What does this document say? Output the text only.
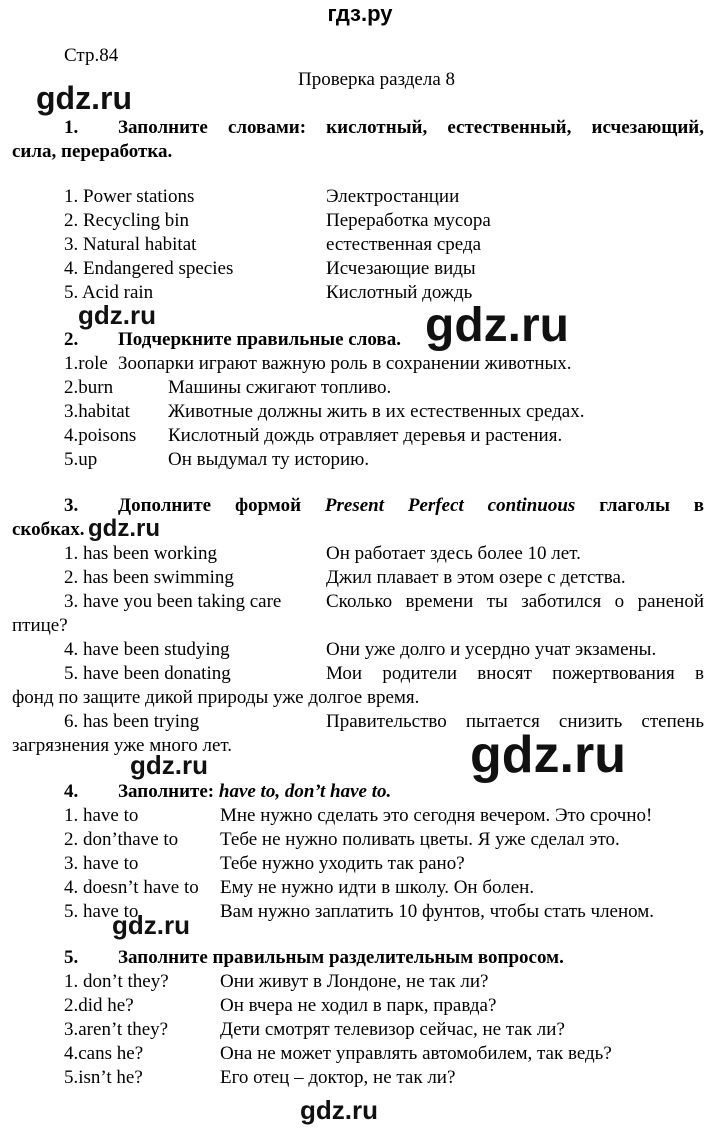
гдз.ру
Стр.84
Проверка раздела 8
gdz.ru
gdz.ru	gdz.ru
gdz.ru
gdz.ru
gdz.ru
gdz.ru
gdz.ru
1. Заполните словами: кислотный, естественный, исчезающий,
сила, переработка.
1. Power stations	Электростанции
2. Recycling bin	Переработка мусора
3. Natural habitat	естественная среда
4. Endangered species	Исчезающие виды
5. Acid rain	Кислотный дождь
2. Подчеркните правильные слова.
1.role Зоопарки играют важную роль в сохранении животных.
2.burn	Машины сжигают топливо.
3.habitat Животные должны жить в их естественных средах.
4.poisons Кислотный дождь отравляет деревья и растения.
5.up	Он выдумал ту историю.
3. Дополните формой Present Perfect continuous глаголы в
скобках.
1. has been working	Он работает здесь более 10 лет.
2. has been swimming	Джил плавает в этом озере с детства.
3. have you been taking care Сколько времени ты заботился о раненой
птице?
4. have been studying	Они уже долго и усердно учат экзамены.
5. have been donating	Мои родители вносят пожертвования в
фонд по защите дикой природы уже долгое время.
6. has been trying	Правительство пытается снизить степень
загрязнения уже много лет.
4. Заполните: have to, don’t have to.
1. have to	Мне нужно сделать это сегодня вечером. Это срочно!
2. don’thave to Тебе не нужно поливать цветы. Я уже сделал это.
3. have to	Тебе нужно уходить так рано?
4. doesn’t have to Ему не нужно идти в школу. Он болен.
5. have to	Вам нужно заплатить 10 фунтов, чтобы стать членом.
5. Заполните правильным разделительным вопросом.
1. don’t they?	Они живут в Лондоне, не так ли?
2.did he?	Он вчера не ходил в парк, правда?
3.aren’t they?	Дети смотрят телевизор сейчас, не так ли?
4.cans he?	Она не может управлять автомобилем, так ведь?
5.isn’t he?	Его отец – доктор, не так ли?
